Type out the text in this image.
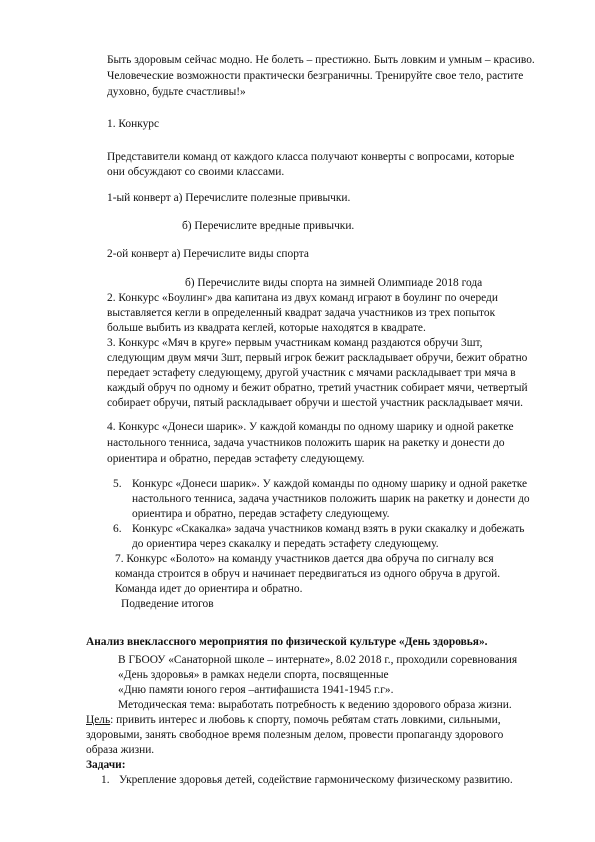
Быть здоровым сейчас модно. Не болеть – престижно. Быть ловким и умным – красиво.
Человеческие возможности практически безграничны. Тренируйте свое тело, растите
духовно, будьте счастливы!»
1. Конкурс
Представители команд от каждого класса получают конверты с вопросами, которые
они обсуждают со своими классами.
1-ый конверт а) Перечислите полезные привычки.
б) Перечислите вредные привычки.
2-ой конверт а) Перечислите виды спорта
б) Перечислите виды спорта на зимней Олимпиаде 2018 года
2. Конкурс «Боулинг» два капитана из двух команд играют в боулинг по очереди
выставляется кегли в определенный квадрат задача участников из трех попыток
больше выбить из квадрата кеглей, которые находятся в квадрате.
3. Конкурс «Мяч в круге» первым участникам команд раздаются обручи 3шт,
следующим двум мячи 3шт, первый игрок бежит раскладывает обручи, бежит обратно
передает эстафету следующему, другой участник с мячами раскладывает три мяча в
каждый обруч по одному и бежит обратно, третий участник собирает мячи, четвертый
собирает обручи, пятый раскладывает обручи и шестой участник раскладывает мячи.
4. Конкурс «Донеси шарик». У каждой команды по одному шарику и одной ракетке
настольного тенниса, задача участников положить шарик на ракетку и донести до
ориентира и обратно, передав эстафету следующему.
5. Конкурс «Донеси шарик». У каждой команды по одному шарику и одной ракетке
настольного тенниса, задача участников положить шарик на ракетку и донести до
ориентира и обратно, передав эстафету следующему.
6. Конкурс «Скакалка» задача участников команд взять в руки скакалку и добежать
до ориентира через скакалку и передать эстафету следующему.
7. Конкурс «Болото» на команду участников дается два обруча по сигналу вся
команда строится в обруч и начинает передвигаться из одного обруча в другой.
Команда идет до ориентира и обратно.
Подведение итогов
Анализ внеклассного мероприятия по физической культуре «День здоровья».
В ГБООУ «Санаторной школе – интернате», 8.02 2018 г., проходили соревнования
«День здоровья» в рамках недели спорта, посвященные
«Дню памяти юного героя –антифашиста 1941-1945 г.г».
Методическая тема: выработать потребность к ведению здорового образа жизни.
Цель: привить интерес и любовь к спорту, помочь ребятам стать ловкими, сильными,
здоровыми, занять свободное время полезным делом, провести пропаганду здорового
образа жизни.
Задачи:
1. Укрепление здоровья детей, содействие гармоническому физическому развитию.
